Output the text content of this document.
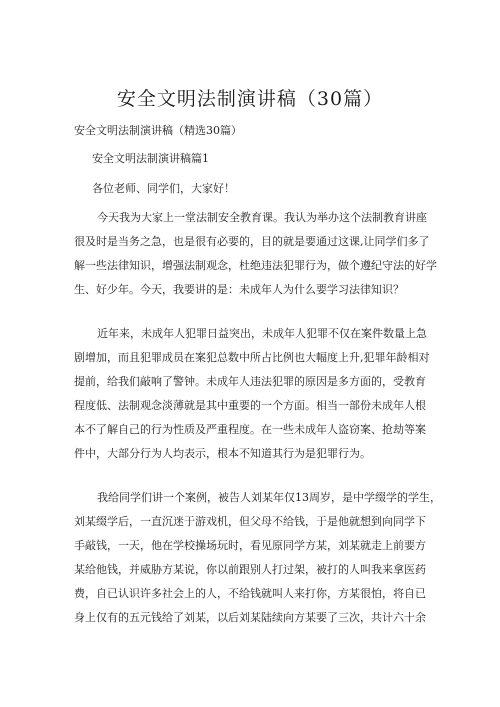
安全文明法制演讲稿（30篇）
安全文明法制演讲稿（精选30篇）
安全文明法制演讲稿篇1
各位老师、同学们，大家好！
今天我为大家上一堂法制安全教育课。我认为举办这个法制教育讲座
很及时是当务之急，也是很有必要的，目的就是要通过这课,让同学们多了
解一些法律知识，增强法制观念，杜绝违法犯罪行为，做个遵纪守法的好学
生、好少年。今天，我要讲的是：未成年人为什么要学习法律知识？
近年来，未成年人犯罪日益突出，未成年人犯罪不仅在案件数量上急
剧增加，而且犯罪成员在案犯总数中所占比例也大幅度上升,犯罪年龄相对
提前，给我们敲响了警钟。未成年人违法犯罪的原因是多方面的，受教育
程度低、法制观念淡薄就是其中重要的一个方面。相当一部份未成年人根
本不了解自己的行为性质及严重程度。在一些未成年人盗窃案、抢劫等案
件中，大部分行为人均表示，根本不知道其行为是犯罪行为。
我给同学们讲一个案例，被告人刘某年仅13周岁，是中学缀学的学生，
刘某缀学后，一直沉迷于游戏机，但父母不给钱，于是他就想到向同学下
手敲钱，一天，他在学校操场玩时，看见原同学方某，刘某就走上前要方
某给他钱，并威胁方某说，你以前跟别人打过架，被打的人叫我来拿医药
费，自已认识许多社会上的人，不给钱就叫人来打你，方某很怕，将自已
身上仅有的五元钱给了刘某，以后刘某陆续向方某要了三次，共计六十余
